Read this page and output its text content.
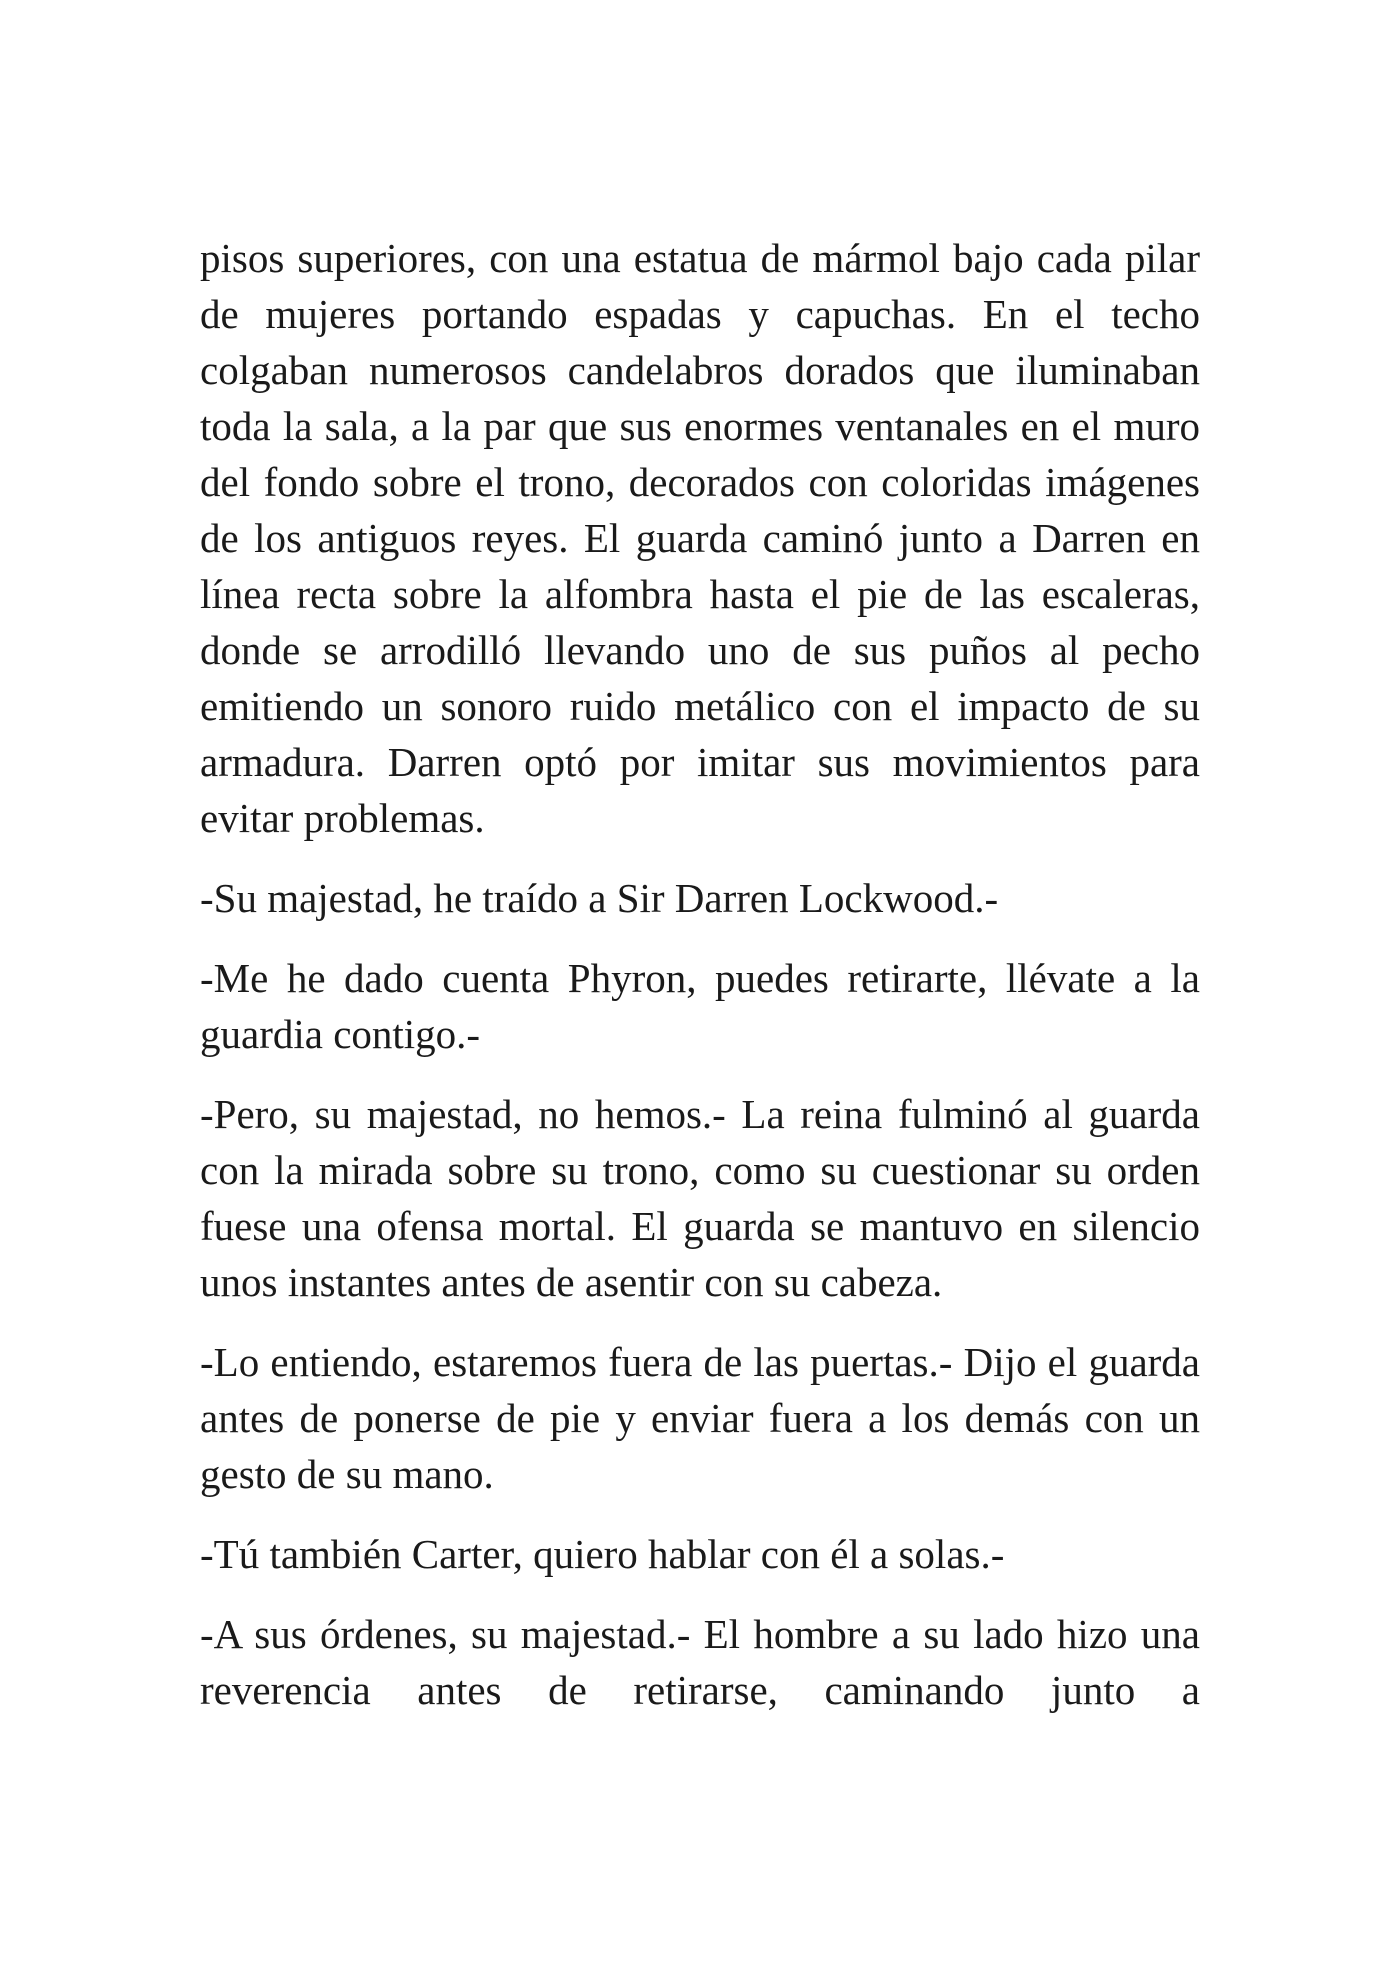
pisos superiores, con una estatua de mármol bajo cada pilar de mujeres portando espadas y capuchas. En el techo colgaban numerosos candelabros dorados que iluminaban toda la sala, a la par que sus enormes ventanales en el muro del fondo sobre el trono, decorados con coloridas imágenes de los antiguos reyes. El guarda caminó junto a Darren en línea recta sobre la alfombra hasta el pie de las escaleras, donde se arrodilló llevando uno de sus puños al pecho emitiendo un sonoro ruido metálico con el impacto de su armadura. Darren optó por imitar sus movimientos para evitar problemas.

-Su majestad, he traído a Sir Darren Lockwood.-

-Me he dado cuenta Phyron, puedes retirarte, llévate a la guardia contigo.-

-Pero, su majestad, no hemos.- La reina fulminó al guarda con la mirada sobre su trono, como su cuestionar su orden fuese una ofensa mortal. El guarda se mantuvo en silencio unos instantes antes de asentir con su cabeza.

-Lo entiendo, estaremos fuera de las puertas.- Dijo el guarda antes de ponerse de pie y enviar fuera a los demás con un gesto de su mano.

-Tú también Carter, quiero hablar con él a solas.-

-A sus órdenes, su majestad.- El hombre a su lado hizo una reverencia antes de retirarse, caminando junto a
